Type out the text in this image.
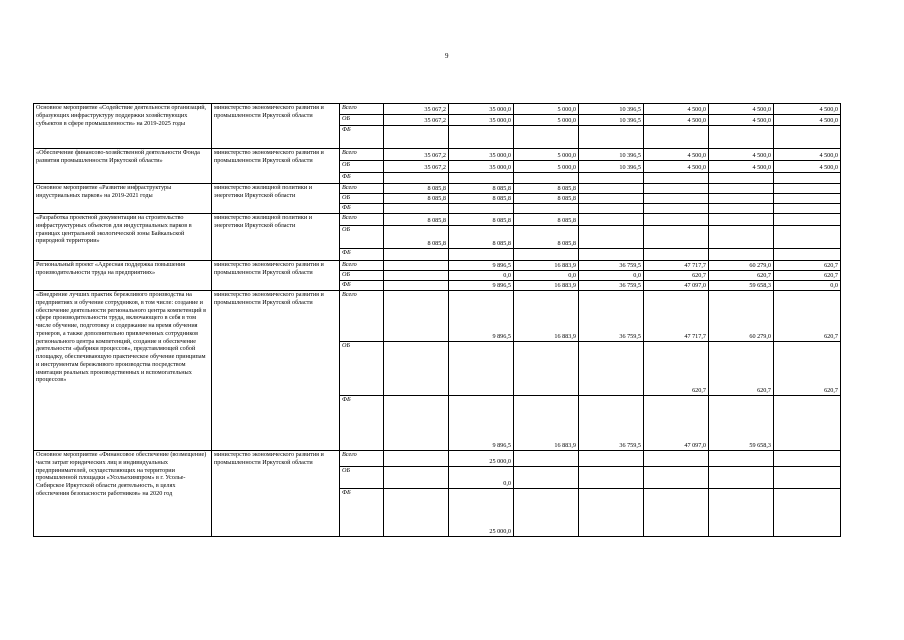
9
Основное мероприятие «Содействие деятельности организаций, образующих инфраструктуру поддержки хозяйствующих субъектов в сфере промышленности» на 2019-2025 годы	министерство экономического развития и промышленности Иркутской области	Всего	35 067,2	35 000,0	5 000,0	10 396,5	4 500,0	4 500,0	4 500,0
		ОБ	35 067,2	35 000,0	5 000,0	10 396,5	4 500,0	4 500,0	4 500,0
		ФБ							
«Обеспечение финансово-хозяйственной деятельности Фонда развития промышленности Иркутской области»	министерство экономического развития и промышленности Иркутской области	Всего	35 067,2	35 000,0	5 000,0	10 396,5	4 500,0	4 500,0	4 500,0
		ОБ	35 067,2	35 000,0	5 000,0	10 396,5	4 500,0	4 500,0	4 500,0
		ФБ							
Основное мероприятие «Развитие инфраструктуры индустриальных парков» на 2019-2021 годы	министерство жилищной политики и энергетики Иркутской области	Всего	8 085,8	8 085,8	8 085,8				
		ОБ	8 085,8	8 085,8	8 085,8				
		ФБ							
«Разработка проектной документации на строительство инфраструктурных объектов для индустриальных парков в границах центральной экологической зоны Байкальской природной территории»	министерство жилищной политики и энергетики Иркутской области	Всего	8 085,8	8 085,8	8 085,8				
		ОБ	8 085,8	8 085,8	8 085,8				
		ФБ							
Региональный проект «Адресная поддержка повышения производительности труда на предприятиях»	министерство экономического развития и промышленности Иркутской области	Всего		9 896,5	16 883,9	36 759,5	47 717,7	60 279,0	620,7
		ОБ		0,0	0,0	0,0	620,7	620,7	620,7
		ФБ		9 896,5	16 883,9	36 759,5	47 097,0	59 658,3	0,0
«Внедрение лучших практик бережливого производства на предприятиях и обучение сотрудников, в том числе: создание и обеспечение деятельности регионального центра компетенций в сфере производительности труда, включающего в себя в том числе обучение, подготовку и содержание на время обучения тренеров, а также дополнительно привлеченных сотрудников регионального центра компетенций, создание и обеспечение деятельности «фабрики процессов», представляющей собой площадку, обеспечивающую практическое обучение принципам и инструментам бережливого производства посредством имитации реальных производственных и вспомогательных процессов»	министерство экономического развития и промышленности Иркутской области	Всего		9 896,5	16 883,9	36 759,5	47 717,7	60 279,0	620,7
		ОБ					620,7	620,7	620,7
		ФБ		9 896,5	16 883,9	36 759,5	47 097,0	59 658,3	
Основное мероприятие «Финансовое обеспечение (возмещение) части затрат юридических лиц и индивидуальных предпринимателей, осуществляющих на территории промышленной площадки «Усольехимпром» в г. Усолье-Сибирское Иркутской области деятельность, в целях обеспечения безопасности работников» на 2020 год	министерство экономического развития и промышленности Иркутской области	Всего		25 000,0					
		ОБ		0,0					
		ФБ		25 000,0					
